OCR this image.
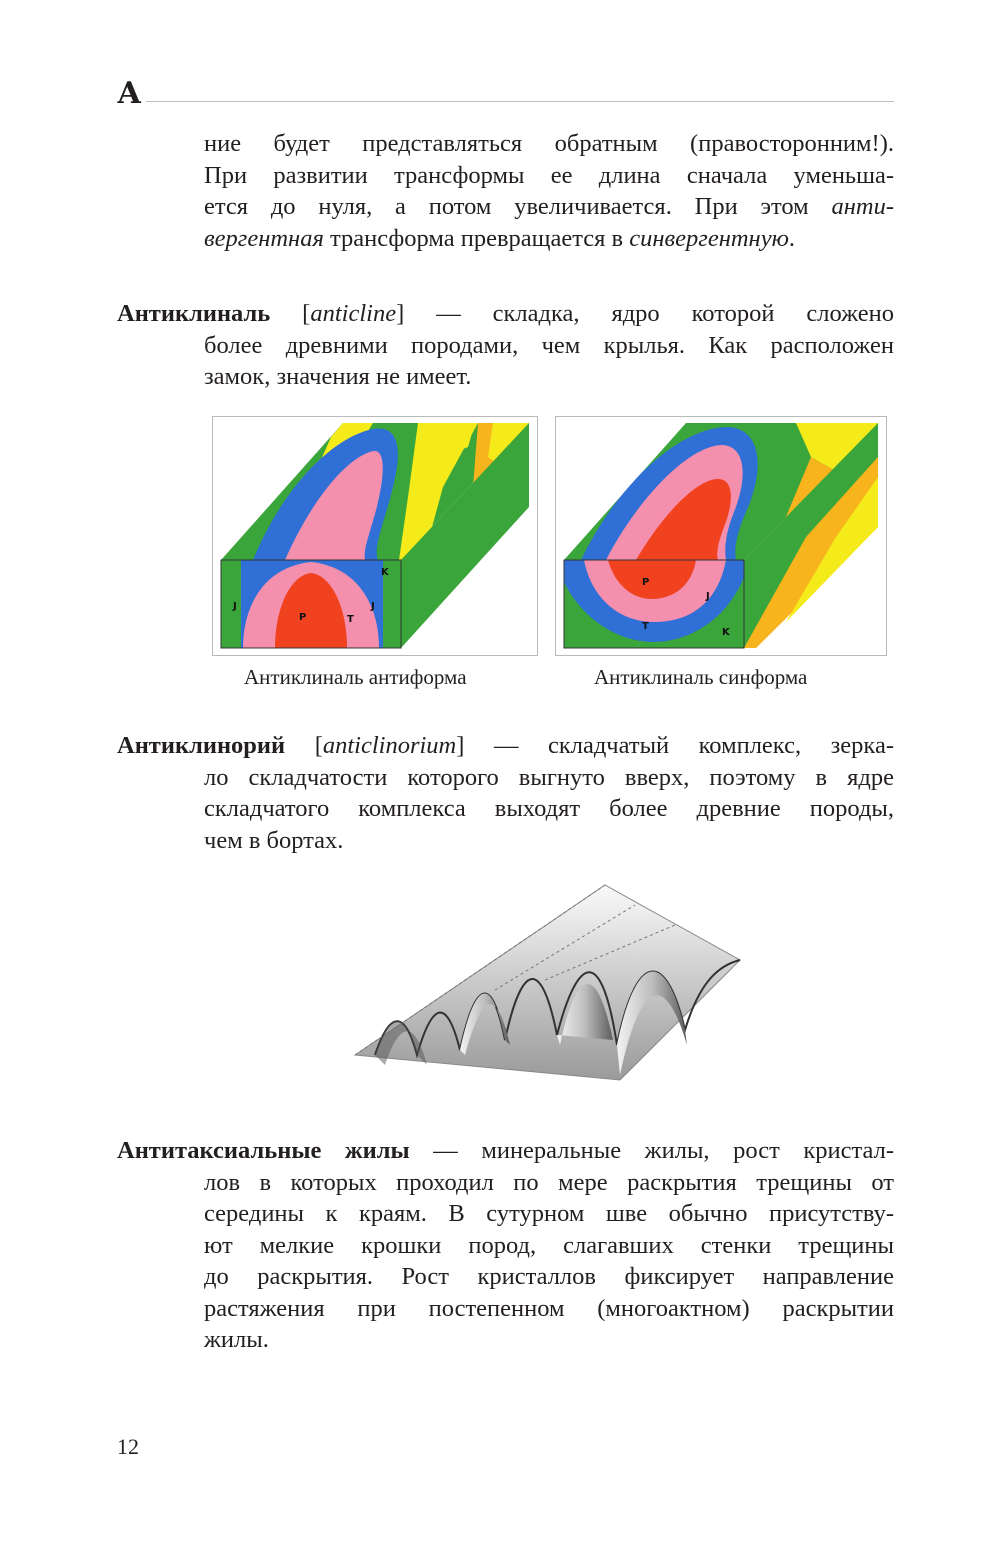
А
ние будет представляться обратным (правосторонним!).
При развитии трансформы ее длина сначала уменьша-
ется до нуля, а потом увеличивается. При этом анти-
вергентная трансформа превращается в синвергентную.
Антиклиналь [anticline] — складка, ядро которой сложено
более древними породами, чем крылья. Как расположен
замок, значения не имеет.
J
P	T
J
K
P
J
T
K
Антиклиналь антиформа	Антиклиналь синформа
Антиклинорий [anticlinorium] — складчатый комплекс, зерка-
ло складчатости которого выгнуто вверх, поэтому в ядре
складчатого комплекса выходят более древние породы,
чем в бортах.
Антитаксиальные жилы — минеральные жилы, рост кристал-
лов в которых проходил по мере раскрытия трещины от
середины к краям. В сутурном шве обычно присутству-
ют мелкие крошки пород, слагавших стенки трещины
до раскрытия. Рост кристаллов фиксирует направление
растяжения при постепенном (многоактном) раскрытии
жилы.
12
